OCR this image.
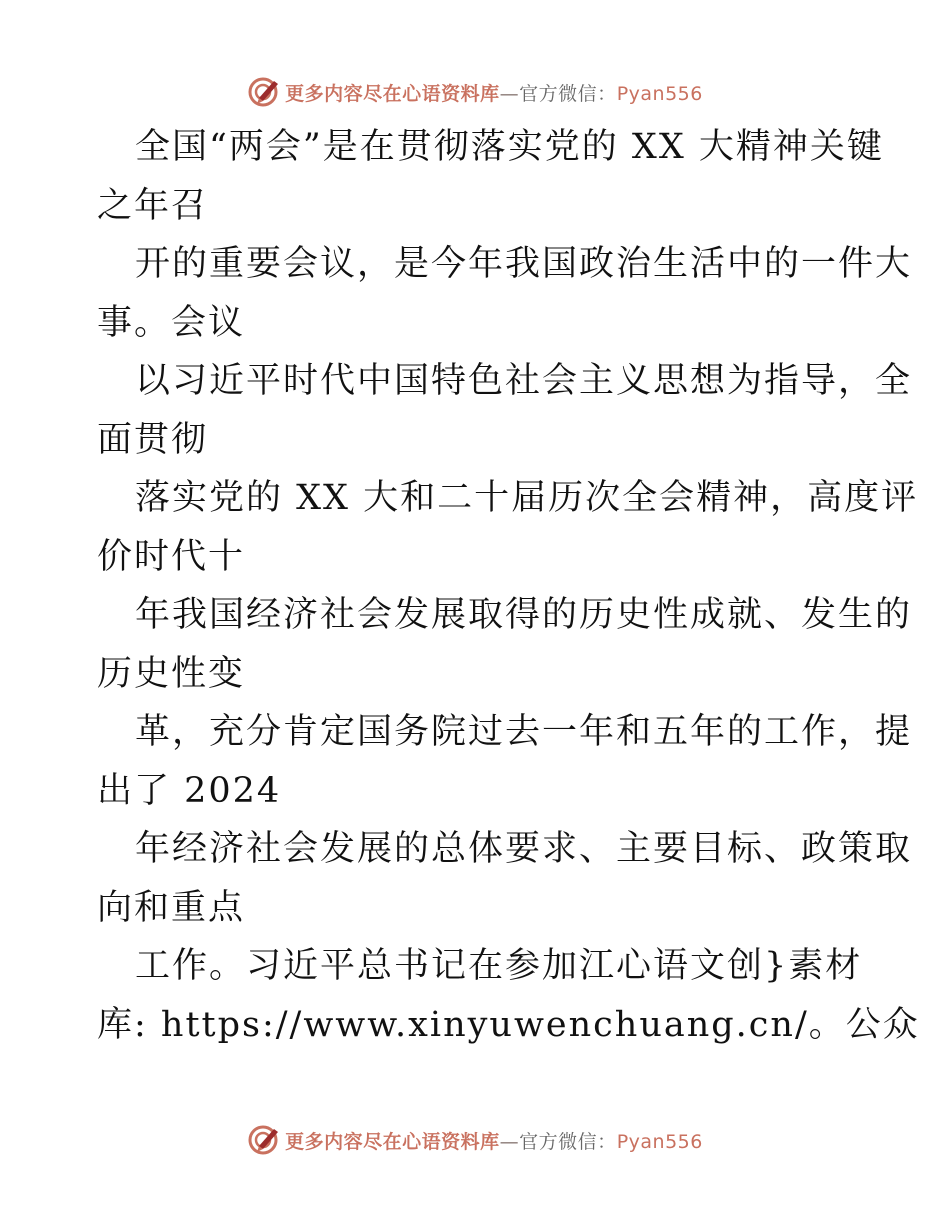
更多内容尽在心语资料库—官方微信：Pyan556
全国“两会”是在贯彻落实党的 XX 大精神关键
之年召
开的重要会议，是今年我国政治生活中的一件大
事。会议
以习近平时代中国特色社会主义思想为指导，全
面贯彻
落实党的 XX 大和二十届历次全会精神，高度评
价时代十
年我国经济社会发展取得的历史性成就、发生的
历史性变
革，充分肯定国务院过去一年和五年的工作，提
出了 2024
年经济社会发展的总体要求、主要目标、政策取
向和重点
工作。习近平总书记在参加江心语文创}素材
库: https://www.xinyuwenchuang.cn/。公众
更多内容尽在心语资料库—官方微信：Pyan556
